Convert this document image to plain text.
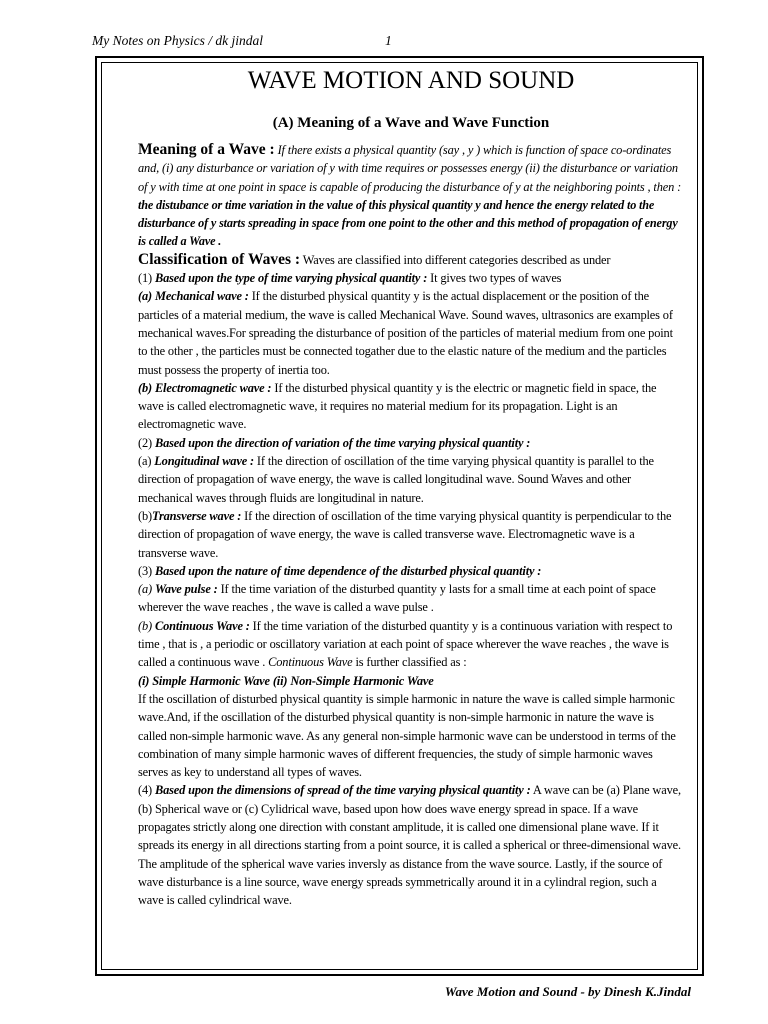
My Notes on Physics / dk jindal	1
WAVE MOTION AND SOUND
(A) Meaning of a Wave and Wave Function

Meaning of a Wave : If there exists a physical quantity (say , y ) which is function of space co-ordinates and, (i) any disturbance or variation of y with time requires or possesses energy (ii) the disturbance or variation of y with time at one point in space is capable of producing the disturbance of y at the neighboring points , then :

the distubance or time variation in the value of this physical quantity y and hence the energy related to the disturbance of y starts spreading in space from one point to the other and this method of propagation of energy is called a Wave .

Classification of Waves : Waves are classified into different categories described as under

(1) Based upon the type of time varying physical quantity : It gives two types of waves

(a) Mechanical wave : If the disturbed physical quantity y is the actual displacement or the position of the particles of a material medium, the wave is called Mechanical Wave. Sound waves, ultrasonics are examples of mechanical waves.For spreading the disturbance of position of the particles of material medium from one point to the other , the particles must be connected togather due to the elastic nature of the medium and the particles must possess the property of inertia too.

(b) Electromagnetic wave : If the disturbed physical quantity y is the electric or magnetic field in space, the wave is called electromagnetic wave, it requires no material medium for its propagation. Light is an electromagnetic wave.

(2) Based upon the direction of variation of the time varying physical quantity :

(a) Longitudinal wave : If the direction of oscillation of the time varying physical quantity is parallel to the direction of propagation of wave energy, the wave is called longitudinal wave. Sound Waves and other mechanical waves through fluids are longitudinal in nature.

(b)Transverse wave : If the direction of oscillation of the time varying physical quantity is perpendicular to the direction of propagation of wave energy, the wave is called transverse wave. Electromagnetic wave is a transverse wave.

(3) Based upon the nature of time dependence of the disturbed physical quantity :

(a) Wave pulse : If the time variation of the disturbed quantity y lasts for a small time at each point of space wherever the wave reaches , the wave is called a wave pulse .

(b) Continuous Wave : If the time variation of the disturbed quantity y is a continuous variation with respect to time , that is , a periodic or oscillatory variation at each point of space wherever the wave reaches , the wave is called a continuous wave . Continuous Wave is further classified as :

(i) Simple Harmonic Wave (ii) Non-Simple Harmonic Wave

If the oscillation of disturbed physical quantity is simple harmonic in nature the wave is called simple harmonic wave.And, if the oscillation of the disturbed physical quantity is non-simple harmonic in nature the wave is called non-simple harmonic wave. As any general non-simple harmonic wave can be understood in terms of the combination of many simple harmonic waves of different frequencies, the study of simple harmonic waves serves as key to understand all types of waves.

(4) Based upon the dimensions of spread of the time varying physical quantity : A wave can be (a) Plane wave, (b) Spherical wave or (c) Cylidrical wave, based upon how does wave energy spread in space. If a wave propagates strictly along one direction with constant amplitude, it is called one dimensional plane wave. If it spreads its energy in all directions starting from a point source, it is called a spherical or three-dimensional wave. The amplitude of the spherical wave varies inversly as distance from the wave source. Lastly, if the source of wave disturbance is a line source, wave energy spreads symmetrically around it in a cylindral region, such a wave is called cylindrical wave.

Wave Motion and Sound - by Dinesh K.Jindal
